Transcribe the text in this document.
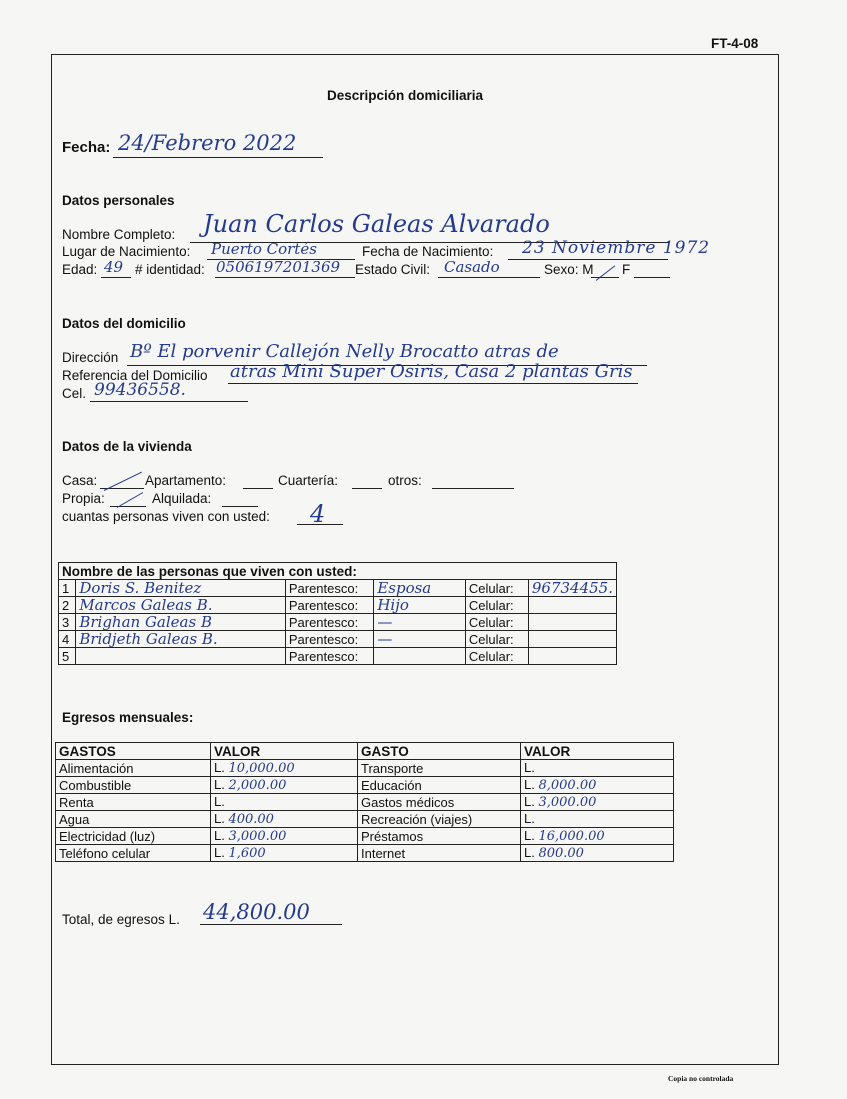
FT-4-08
Descripción domiciliaria
Fecha: 24/Febrero 2022
Datos personales
Nombre Completo: Juan Carlos Galeas Alvarado
Lugar de Nacimiento: Puerto Cortés	Fecha de Nacimiento: 23 Noviembre 1972
Edad: 49 # identidad: 0506197201369 Estado Civil: Casado	Sexo: M F
Datos del domicilio
Dirección Bº El porvenir Callejón Nelly Brocatto atras de
Referencia del Domicilio atras Mini Super Osiris, Casa 2 plantas Gris
Cel. 99436558.
Datos de la vivienda
Casa:	Apartamento:	Cuartería:	otros:
Propia:	Alquilada:
cuantas personas viven con usted: 4
Nombre de las personas que viven con usted:					
1	Doris S. Benitez	Parentesco:	Esposa	Celular:	96734455.
2	Marcos Galeas B.	Parentesco:	Hijo	Celular:	
3	Brighan Galeas B	Parentesco:	—	Celular:	
4	Bridjeth Galeas B.	Parentesco:	—	Celular:	
5		Parentesco:		Celular:	
Egresos mensuales:
GASTOS	VALOR	GASTO	VALOR
Alimentación	L. 10,000.00	Transporte	L.
Combustible	L. 2,000.00	Educación	L. 8,000.00
Renta	L.	Gastos médicos	L. 3,000.00
Agua	L. 400.00	Recreación (viajes)	L.
Electricidad (luz)	L. 3,000.00	Préstamos	L. 16,000.00
Teléfono celular	L. 1,600	Internet	L. 800.00
Total, de egresos L. 44,800.00
Copia no controlada
